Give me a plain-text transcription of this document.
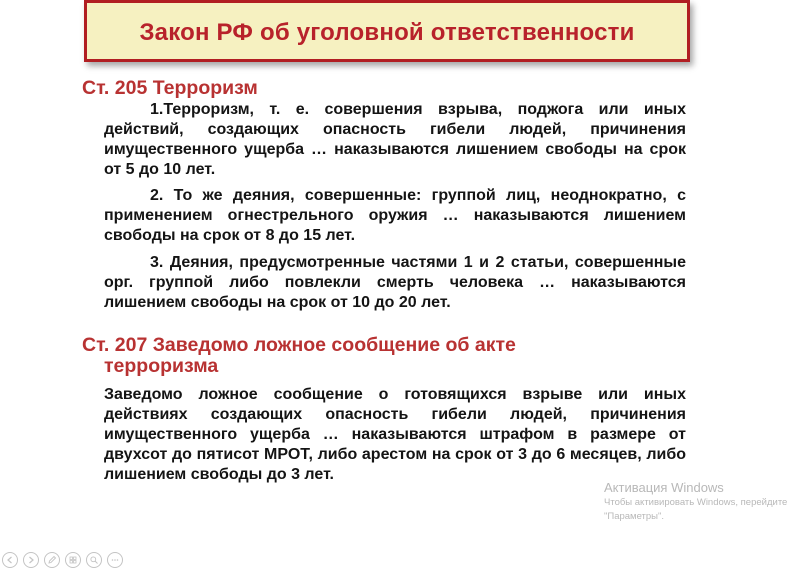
Закон РФ об уголовной ответственности
Ст. 205 Терроризм
1.Терроризм, т. е. совершения взрыва, поджога или иных действий, создающих опасность гибели людей, причинения имущественного ущерба … наказываются лишением свободы на срок от 5 до 10 лет.
2. То же деяния, совершенные: группой лиц, неоднократно, с применением огнестрельного оружия … наказываются лишением свободы на срок от 8 до 15 лет.
3. Деяния, предусмотренные частями 1 и 2 статьи, совершенные орг. группой либо повлекли смерть человека … наказываются лишением свободы на срок от 10 до 20 лет.
Ст. 207 Заведомо ложное сообщение об акте
терроризма
Заведомо ложное сообщение о готовящихся взрыве или иных действиях создающих опасность гибели людей, причинения имущественного ущерба … наказываются штрафом в размере от двухсот до пятисот МРОТ, либо арестом на срок от 3 до 6 месяцев, либо лишением свободы до 3 лет.
Активация Windows
Чтобы активировать Windows, перейдите
"Параметры".
